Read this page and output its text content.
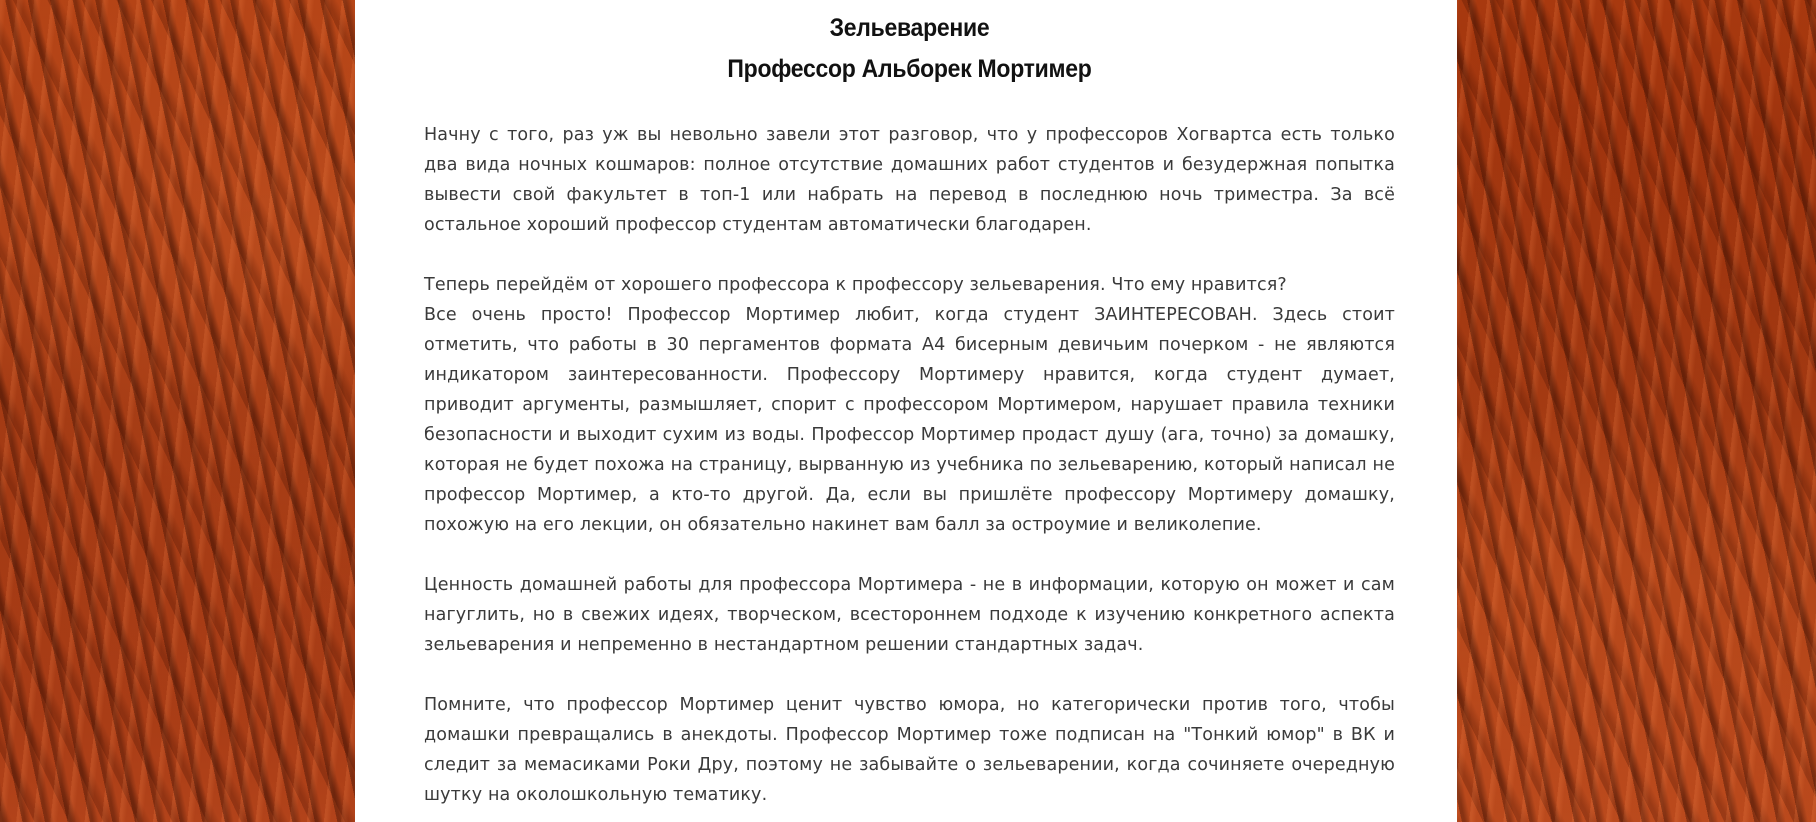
Зельеварение
Профессор Альборек Мортимер

Начну с того, раз уж вы невольно завели этот разговор, что у профессоров Хогвартса есть только два вида ночных кошмаров: полное отсутствие домашних работ студентов и безудержная попытка вывести свой факультет в топ-1 или набрать на перевод в последнюю ночь триместра. За всё остальное хороший профессор студентам автоматически благодарен.

Теперь перейдём от хорошего профессора к профессору зельеварения. Что ему нравится?

Все очень просто! Профессор Мортимер любит, когда студент ЗАИНТЕРЕСОВАН. Здесь стоит отметить, что работы в 30 пергаментов формата А4 бисерным девичьим почерком - не являются индикатором заинтересованности. Профессору Мортимеру нравится, когда студент думает, приводит аргументы, размышляет, спорит с профессором Мортимером, нарушает правила техники безопасности и выходит сухим из воды. Профессор Мортимер продаст душу (ага, точно) за домашку, которая не будет похожа на страницу, вырванную из учебника по зельеварению, который написал не профессор Мортимер, а кто-то другой. Да, если вы пришлёте профессору Мортимеру домашку, похожую на его лекции, он обязательно накинет вам балл за остроумие и великолепие.

Ценность домашней работы для профессора Мортимера - не в информации, которую он может и сам нагуглить, но в свежих идеях, творческом, всестороннем подходе к изучению конкретного аспекта зельеварения и непременно в нестандартном решении стандартных задач.

Помните, что профессор Мортимер ценит чувство юмора, но категорически против того, чтобы домашки превращались в анекдоты. Профессор Мортимер тоже подписан на "Тонкий юмор" в ВК и следит за мемасиками Роки Дру, поэтому не забывайте о зельеварении, когда сочиняете очередную шутку на околошкольную тематику.
